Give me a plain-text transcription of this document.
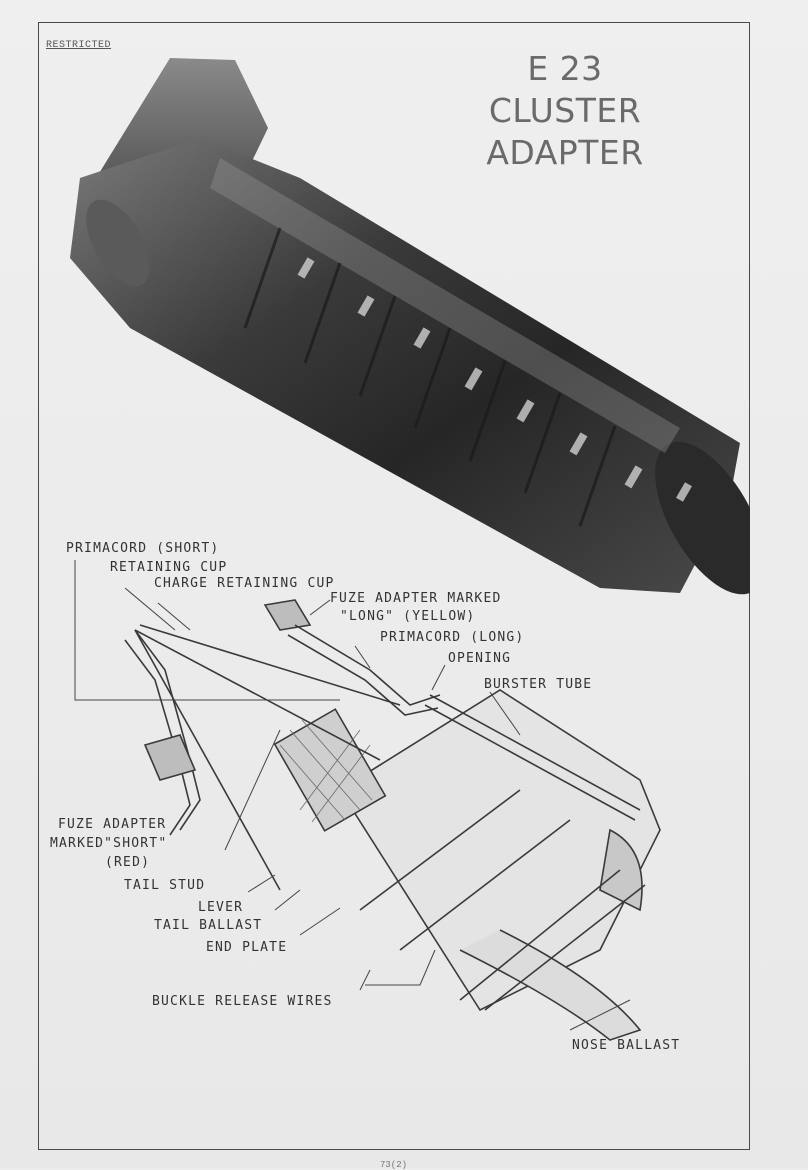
RESTRICTED
E 23
CLUSTER
ADAPTER
PRIMACORD (SHORT)
RETAINING CUP
CHARGE RETAINING CUP
FUZE ADAPTER MARKED
"LONG" (YELLOW)
PRIMACORD (LONG)
OPENING
BURSTER TUBE
FUZE ADAPTER
MARKED"SHORT"
(RED)
TAIL STUD
LEVER
TAIL BALLAST
END PLATE
BUCKLE RELEASE WIRES
NOSE BALLAST
73(2)
